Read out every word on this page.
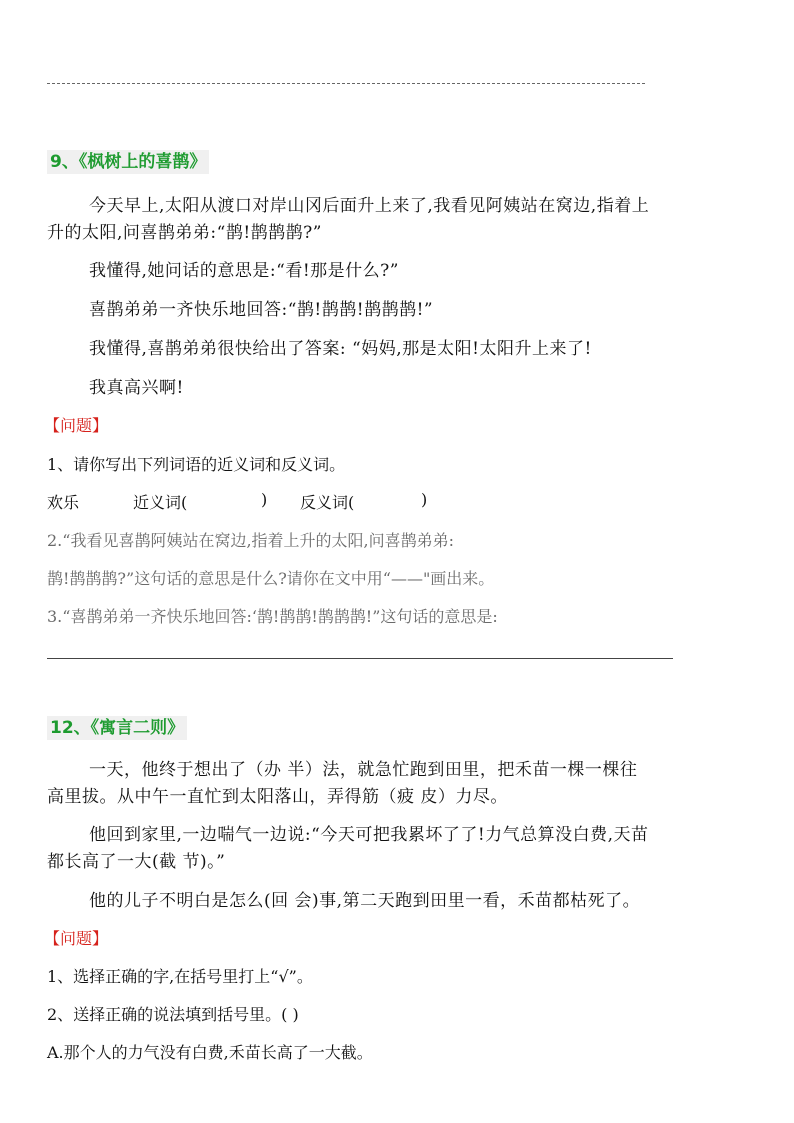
9、《枫树上的喜鹊》
今天早上,太阳从渡口对岸山冈后面升上来了,我看见阿姨站在窝边,指着上
升的太阳,问喜鹊弟弟:“鹊!鹊鹊鹊?”
我懂得,她问话的意思是:“看!那是什么?”
喜鹊弟弟一齐快乐地回答:“鹊!鹊鹊!鹊鹊鹊!”
我懂得,喜鹊弟弟很快给出了答案: “妈妈,那是太阳!太阳升上来了!
我真高兴啊!
【问题】
1、请你写出下列词语的近义词和反义词。
欢乐	近义词(	) 反义词(	)
2.“我看见喜鹊阿姨站在窝边,指着上升的太阳,问喜鹊弟弟:
鹊!鹊鹊鹊?”这句话的意思是什么?请你在文中用“——"画出来。
3.“喜鹊弟弟一齐快乐地回答:‘鹊!鹊鹊!鹊鹊鹊!”这句话的意思是:
12、《寓言二则》
一天，他终于想出了（办 半）法，就急忙跑到田里，把禾苗一棵一棵往
高里拔。从中午一直忙到太阳落山，弄得筋（疲 皮）力尽。
他回到家里,一边喘气一边说:“今天可把我累坏了了!力气总算没白费,天苗
都长高了一大(截 节)。”
他的儿子不明白是怎么(回 会)事,第二天跑到田里一看，禾苗都枯死了。
【问题】
1、选择正确的字,在括号里打上“√”。
2、送择正确的说法填到括号里。( )
A.那个人的力气没有白费,禾苗长高了一大截。
